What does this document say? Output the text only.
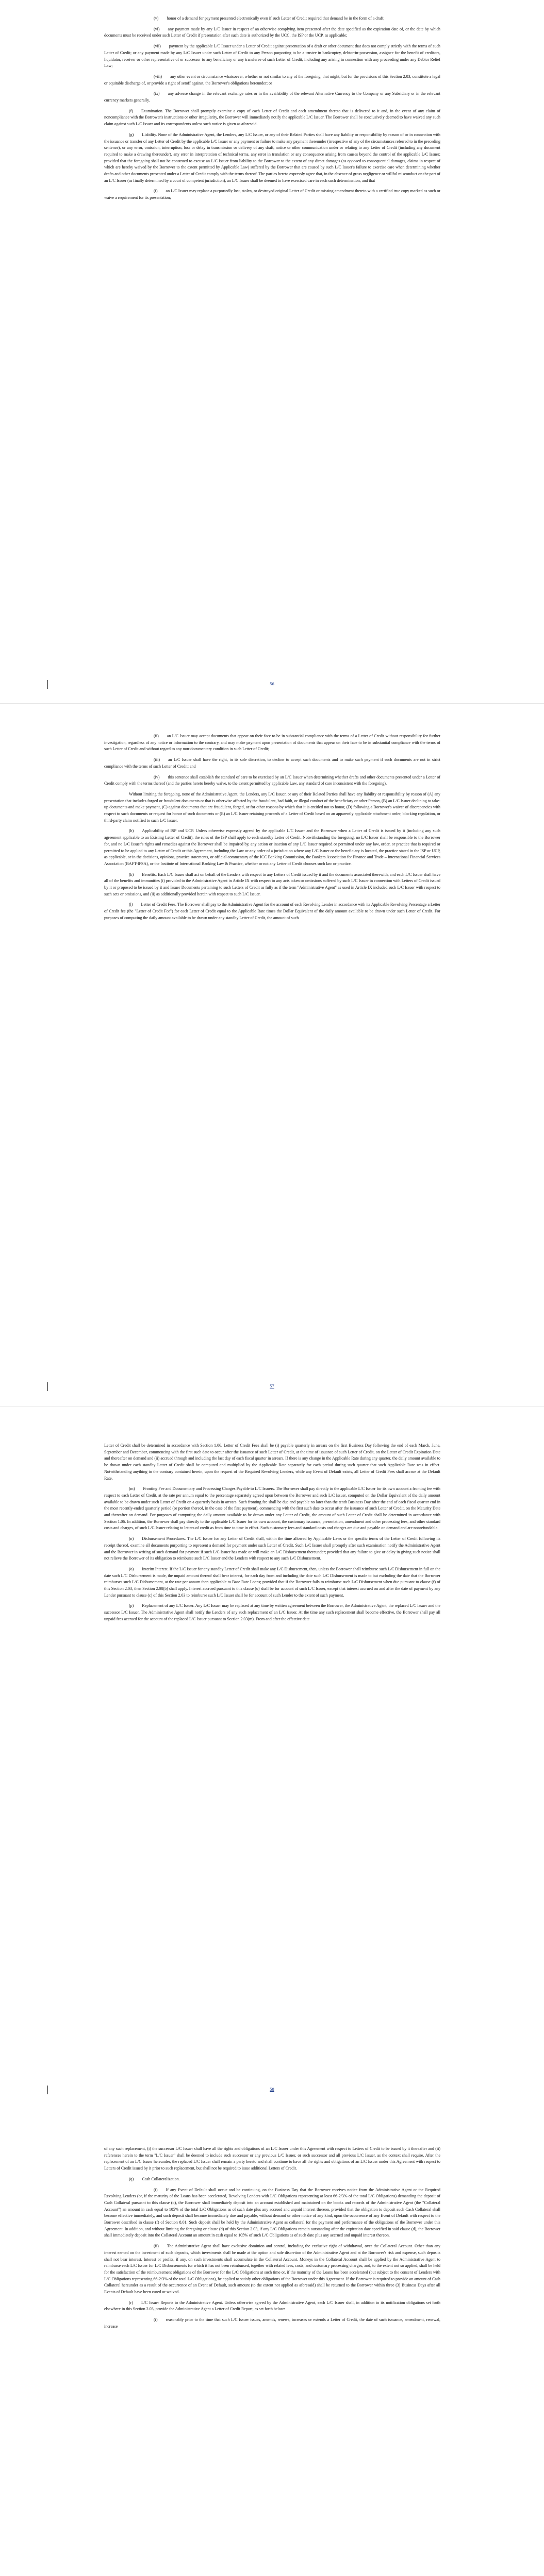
(v)  honor of a demand for payment presented electronically even if such Letter of Credit required that demand be in the form of a draft;

(vi)  any payment made by any L/C Issuer in respect of an otherwise complying item presented after the date specified as the expiration date of, or the date by which documents must be received under such Letter of Credit if presentation after such date is authorized by the UCC, the ISP or the UCP, as applicable;

(vii)  payment by the applicable L/C Issuer under a Letter of Credit against presentation of a draft or other document that does not comply strictly with the terms of such Letter of Credit; or any payment made by any L/C Issuer under such Letter of Credit to any Person purporting to be a trustee in bankruptcy, debtor-in-possession, assignee for the benefit of creditors, liquidator, receiver or other representative of or successor to any beneficiary or any transferee of such Letter of Credit, including any arising in connection with any proceeding under any Debtor Relief Law;

(viii)  any other event or circumstance whatsoever, whether or not similar to any of the foregoing, that might, but for the provisions of this Section 2.03, constitute a legal or equitable discharge of, or provide a right of setoff against, the Borrower's obligations hereunder; or

(ix)  any adverse change in the relevant exchange rates or in the availability of the relevant Alternative Currency to the Company or any Subsidiary or in the relevant currency markets generally.

(f)  Examination. The Borrower shall promptly examine a copy of each Letter of Credit and each amendment thereto that is delivered to it and, in the event of any claim of noncompliance with the Borrower's instructions or other irregularity, the Borrower will immediately notify the applicable L/C Issuer. The Borrower shall be conclusively deemed to have waived any such claim against such L/C Issuer and its correspondents unless such notice is given as aforesaid.

(g)  Liability. None of the Administrative Agent, the Lenders, any L/C Issuer, or any of their Related Parties shall have any liability or responsibility by reason of or in connection with the issuance or transfer of any Letter of Credit by the applicable L/C Issuer or any payment or failure to make any payment thereunder (irrespective of any of the circumstances referred to in the preceding sentence), or any error, omission, interruption, loss or delay in transmission or delivery of any draft, notice or other communication under or relating to any Letter of Credit (including any document required to make a drawing thereunder), any error in interpretation of technical terms, any error in translation or any consequence arising from causes beyond the control of the applicable L/C Issuer; provided that the foregoing shall not be construed to excuse an L/C Issuer from liability to the Borrower to the extent of any direct damages (as opposed to consequential damages, claims in respect of which are hereby waived by the Borrower to the extent permitted by Applicable Law) suffered by the Borrower that are caused by such L/C Issuer's failure to exercise care when determining whether drafts and other documents presented under a Letter of Credit comply with the terms thereof. The parties hereto expressly agree that, in the absence of gross negligence or willful misconduct on the part of an L/C Issuer (as finally determined by a court of competent jurisdiction), an L/C Issuer shall be deemed to have exercised care in each such determination, and that

(i)  an L/C Issuer may replace a purportedly lost, stolen, or destroyed original Letter of Credit or missing amendment thereto with a certified true copy marked as such or waive a requirement for its presentation;

56

(ii)  an L/C Issuer may accept documents that appear on their face to be in substantial compliance with the terms of a Letter of Credit without responsibility for further investigation, regardless of any notice or information to the contrary, and may make payment upon presentation of documents that appear on their face to be in substantial compliance with the terms of such Letter of Credit and without regard to any non-documentary condition in such Letter of Credit;

(iii)  an L/C Issuer shall have the right, in its sole discretion, to decline to accept such documents and to make such payment if such documents are not in strict compliance with the terms of such Letter of Credit; and

(iv)  this sentence shall establish the standard of care to be exercised by an L/C Issuer when determining whether drafts and other documents presented under a Letter of Credit comply with the terms thereof (and the parties hereto hereby waive, to the extent permitted by applicable Law, any standard of care inconsistent with the foregoing).

Without limiting the foregoing, none of the Administrative Agent, the Lenders, any L/C Issuer, or any of their Related Parties shall have any liability or responsibility by reason of (A) any presentation that includes forged or fraudulent documents or that is otherwise affected by the fraudulent, bad faith, or illegal conduct of the beneficiary or other Person, (B) an L/C Issuer declining to take-up documents and make payment, (C) against documents that are fraudulent, forged, or for other reasons by which that it is entitled not to honor, (D) following a Borrower's waiver of discrepancies with respect to such documents or request for honor of such documents or (E) an L/C Issuer retaining proceeds of a Letter of Credit based on an apparently applicable attachment order, blocking regulation, or third-party claim notified to such L/C Issuer.

(h)  Applicability of ISP and UCP. Unless otherwise expressly agreed by the applicable L/C Issuer and the Borrower when a Letter of Credit is issued by it (including any such agreement applicable to an Existing Letter of Credit), the rules of the ISP shall apply to each standby Letter of Credit. Notwithstanding the foregoing, no L/C Issuer shall be responsible to the Borrower for, and no L/C Issuer's rights and remedies against the Borrower shall be impaired by, any action or inaction of any L/C Issuer required or permitted under any law, order, or practice that is required or permitted to be applied to any Letter of Credit or this Agreement, including the Law or any order of a jurisdiction where any L/C Issuer or the beneficiary is located, the practice stated in the ISP or UCP, as applicable, or in the decisions, opinions, practice statements, or official commentary of the ICC Banking Commission, the Bankers Association for Finance and Trade – International Financial Services Association (BAFT-IFSA), or the Institute of International Banking Law & Practice, whether or not any Letter of Credit chooses such law or practice.

(k)  Benefits. Each L/C Issuer shall act on behalf of the Lenders with respect to any Letters of Credit issued by it and the documents associated therewith, and each L/C Issuer shall have all of the benefits and immunities (i) provided to the Administrative Agent in Article IX with respect to any acts taken or omissions suffered by such L/C Issuer in connection with Letters of Credit issued by it or proposed to be issued by it and Issuer Documents pertaining to such Letters of Credit as fully as if the term "Administrative Agent" as used in Article IX included such L/C Issuer with respect to such acts or omissions, and (ii) as additionally provided herein with respect to such L/C Issuer.

(l)  Letter of Credit Fees. The Borrower shall pay to the Administrative Agent for the account of each Revolving Lender in accordance with its Applicable Revolving Percentage a Letter of Credit fee (the "Letter of Credit Fee") for each Letter of Credit equal to the Applicable Rate times the Dollar Equivalent of the daily amount available to be drawn under such Letter of Credit. For purposes of computing the daily amount available to be drawn under any standby Letter of Credit, the amount of such

57

Letter of Credit shall be determined in accordance with Section 1.06. Letter of Credit Fees shall be (i) payable quarterly in arrears on the first Business Day following the end of each March, June, September and December, commencing with the first such date to occur after the issuance of such Letter of Credit, at the time of issuance of such Letter of Credit, on the Letter of Credit Expiration Date and thereafter on demand and (ii) accrued through and including the last day of each fiscal quarter in arrears. If there is any change in the Applicable Rate during any quarter, the daily amount available to be drawn under each standby Letter of Credit shall be computed and multiplied by the Applicable Rate separately for each period during such quarter that such Applicable Rate was in effect. Notwithstanding anything to the contrary contained herein, upon the request of the Required Revolving Lenders, while any Event of Default exists, all Letter of Credit Fees shall accrue at the Default Rate.

(m)  Fronting Fee and Documentary and Processing Charges Payable to L/C Issuers. The Borrower shall pay directly to the applicable L/C Issuer for its own account a fronting fee with respect to each Letter of Credit, at the rate per annum equal to the percentage separately agreed upon between the Borrower and such L/C Issuer, computed on the Dollar Equivalent of the daily amount available to be drawn under such Letter of Credit on a quarterly basis in arrears. Such fronting fee shall be due and payable no later than the tenth Business Day after the end of each fiscal quarter end in the most recently-ended quarterly period (or portion thereof, in the case of the first payment), commencing with the first such date to occur after the issuance of such Letter of Credit, on the Maturity Date and thereafter on demand. For purposes of computing the daily amount available to be drawn under any Letter of Credit, the amount of such Letter of Credit shall be determined in accordance with Section 1.06. In addition, the Borrower shall pay directly to the applicable L/C Issuer for its own account, the customary issuance, presentation, amendment and other processing fees, and other standard costs and charges, of such L/C Issuer relating to letters of credit as from time to time in effect. Such customary fees and standard costs and charges are due and payable on demand and are nonrefundable.

(n)  Disbursement Procedures. The L/C Issuer for any Letter of Credit shall, within the time allowed by Applicable Laws or the specific terms of the Letter of Credit following its receipt thereof, examine all documents purporting to represent a demand for payment under such Letter of Credit. Such L/C Issuer shall promptly after such examination notify the Administrative Agent and the Borrower in writing of such demand for payment if such L/C Issuer has made or will make an L/C Disbursement thereunder; provided that any failure to give or delay in giving such notice shall not relieve the Borrower of its obligation to reimburse such L/C Issuer and the Lenders with respect to any such L/C Disbursement.

(o)  Interim Interest. If the L/C Issuer for any standby Letter of Credit shall make any L/C Disbursement, then, unless the Borrower shall reimburse such L/C Disbursement in full on the date such L/C Disbursement is made, the unpaid amount thereof shall bear interest, for each day from and including the date such L/C Disbursement is made to but excluding the date that the Borrower reimburses such L/C Disbursement, at the rate per annum then applicable to Base Rate Loans; provided that if the Borrower fails to reimburse such L/C Disbursement when due pursuant to clause (f) of this Section 2.03, then Section 2.08(b) shall apply. Interest accrued pursuant to this clause (o) shall be for account of such L/C Issuer, except that interest accrued on and after the date of payment by any Lender pursuant to clause (c) of this Section 2.03 to reimburse such L/C Issuer shall be for account of such Lender to the extent of such payment.

(p)  Replacement of any L/C Issuer. Any L/C Issuer may be replaced at any time by written agreement between the Borrower, the Administrative Agent, the replaced L/C Issuer and the successor L/C Issuer. The Administrative Agent shall notify the Lenders of any such replacement of an L/C Issuer. At the time any such replacement shall become effective, the Borrower shall pay all unpaid fees accrued for the account of the replaced L/C Issuer pursuant to Section 2.03(m). From and after the effective date

58

of any such replacement, (i) the successor L/C Issuer shall have all the rights and obligations of an L/C Issuer under this Agreement with respect to Letters of Credit to be issued by it thereafter and (ii) references herein to the term "L/C Issuer" shall be deemed to include such successor or any previous L/C Issuer, or such successor and all previous L/C Issuer, as the context shall require. After the replacement of an L/C Issuer hereunder, the replaced L/C Issuer shall remain a party hereto and shall continue to have all the rights and obligations of an L/C Issuer under this Agreement with respect to Letters of Credit issued by it prior to such replacement, but shall not be required to issue additional Letters of Credit.

(q)  Cash Collateralization.

(i)  If any Event of Default shall occur and be continuing, on the Business Day that the Borrower receives notice from the Administrative Agent or the Required Revolving Lenders (or, if the maturity of the Loans has been accelerated, Revolving Lenders with L/C Obligations representing at least 66-2/3% of the total L/C Obligations) demanding the deposit of Cash Collateral pursuant to this clause (q), the Borrower shall immediately deposit into an account established and maintained on the books and records of the Administrative Agent (the "Collateral Account") an amount in cash equal to 105% of the total L/C Obligations as of such date plus any accrued and unpaid interest thereon, provided that the obligation to deposit such Cash Collateral shall become effective immediately, and such deposit shall become immediately due and payable, without demand or other notice of any kind, upon the occurrence of any Event of Default with respect to the Borrower described in clause (f) of Section 8.01. Such deposit shall be held by the Administrative Agent as collateral for the payment and performance of the obligations of the Borrower under this Agreement. In addition, and without limiting the foregoing or clause (d) of this Section 2.03, if any L/C Obligations remain outstanding after the expiration date specified in said clause (d), the Borrower shall immediately deposit into the Collateral Account an amount in cash equal to 105% of such L/C Obligations as of such date plus any accrued and unpaid interest thereon.

(ii)  The Administrative Agent shall have exclusive dominion and control, including the exclusive right of withdrawal, over the Collateral Account. Other than any interest earned on the investment of such deposits, which investments shall be made at the option and sole discretion of the Administrative Agent and at the Borrower's risk and expense, such deposits shall not bear interest. Interest or profits, if any, on such investments shall accumulate in the Collateral Account. Moneys in the Collateral Account shall be applied by the Administrative Agent to reimburse each L/C Issuer for L/C Disbursements for which it has not been reimbursed, together with related fees, costs, and customary processing charges, and, to the extent not so applied, shall be held for the satisfaction of the reimbursement obligations of the Borrower for the L/C Obligations at such time or, if the maturity of the Loans has been accelerated (but subject to the consent of Lenders with L/C Obligations representing 66-2/3% of the total L/C Obligations), be applied to satisfy other obligations of the Borrower under this Agreement. If the Borrower is required to provide an amount of Cash Collateral hereunder as a result of the occurrence of an Event of Default, such amount (to the extent not applied as aforesaid) shall be returned to the Borrower within three (3) Business Days after all Events of Default have been cured or waived.

(r)  L/C Issuer Reports to the Administrative Agent. Unless otherwise agreed by the Administrative Agent, each L/C Issuer shall, in addition to its notification obligations set forth elsewhere in this Section 2.03, provide the Administrative Agent a Letter of Credit Report, as set forth below:

(i)  reasonably prior to the time that such L/C Issuer issues, amends, renews, increases or extends a Letter of Credit, the date of such issuance, amendment, renewal, increase
